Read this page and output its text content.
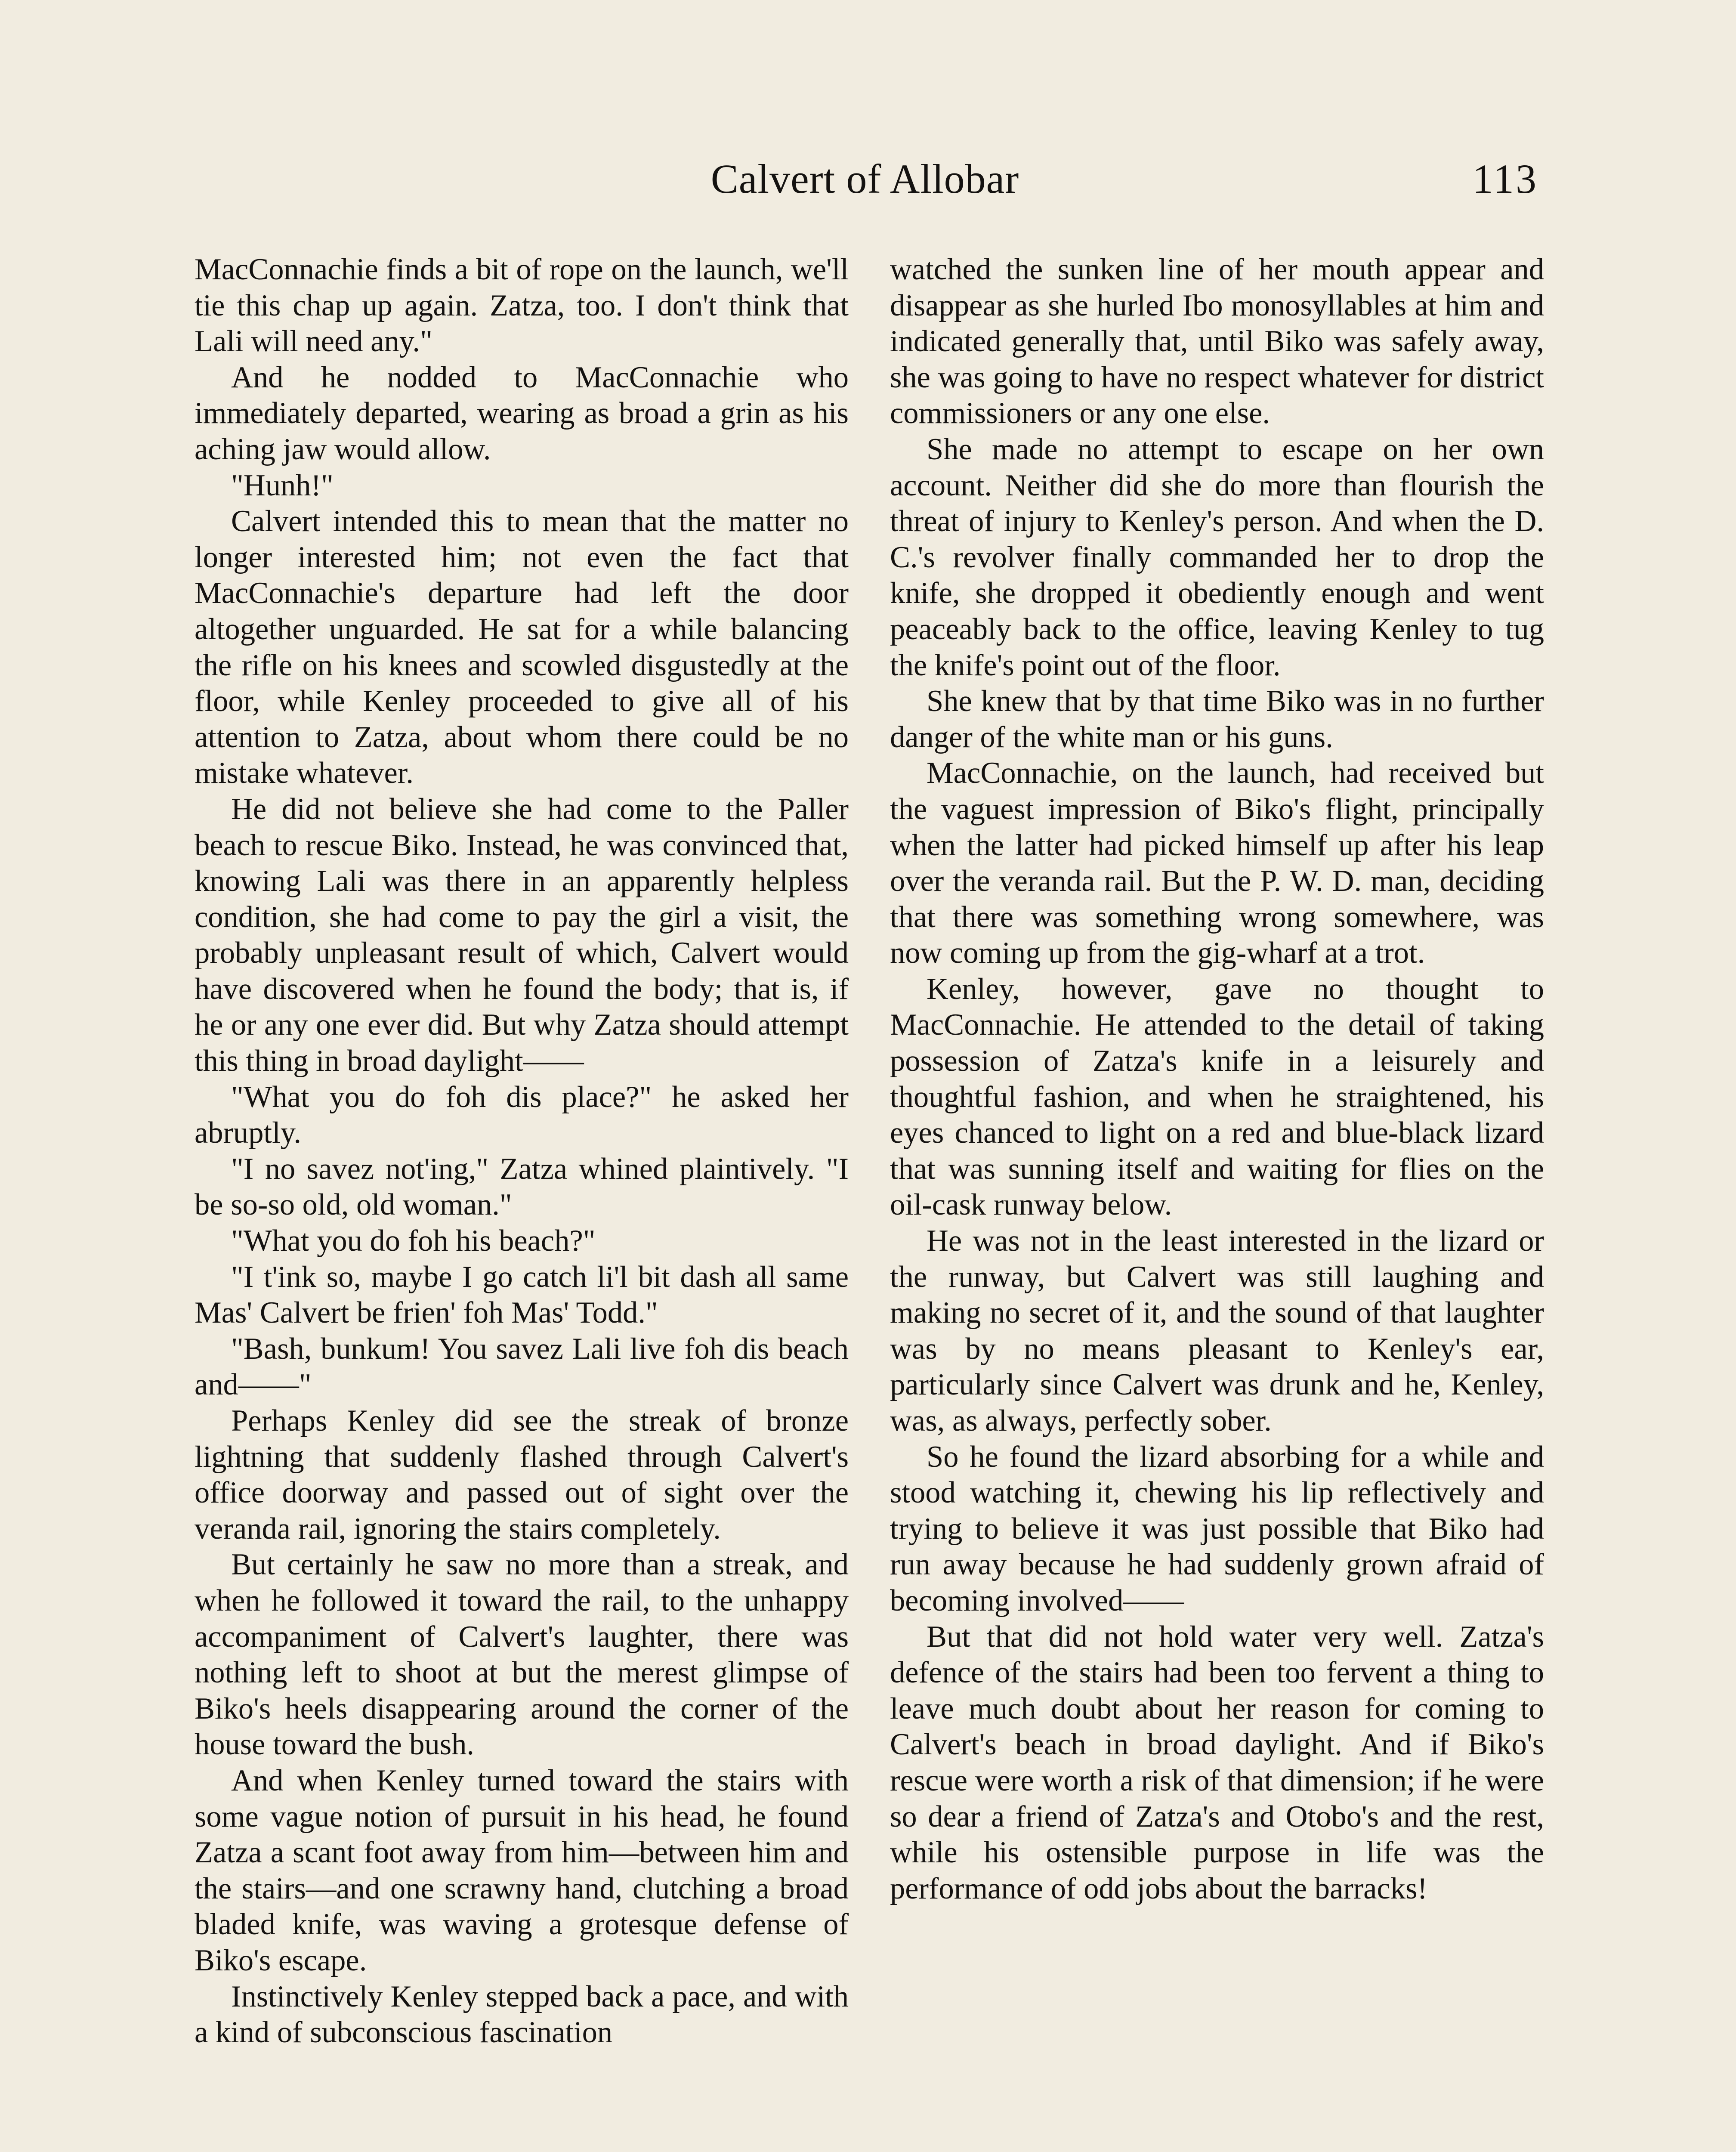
Calvert of Allobar	113

MacConnachie finds a bit of rope on the launch, we'll tie this chap up again. Zatza, too. I don't think that Lali will need any."

And he nodded to MacConnachie who immediately departed, wearing as broad a grin as his aching jaw would allow.

"Hunh!"

Calvert intended this to mean that the matter no longer interested him; not even the fact that MacConnachie's departure had left the door altogether unguarded. He sat for a while balancing the rifle on his knees and scowled disgustedly at the floor, while Kenley proceeded to give all of his attention to Zatza, about whom there could be no mistake whatever.

He did not believe she had come to the Paller beach to rescue Biko. Instead, he was convinced that, knowing Lali was there in an apparently helpless condition, she had come to pay the girl a visit, the probably unpleasant result of which, Calvert would have discovered when he found the body; that is, if he or any one ever did. But why Zatza should attempt this thing in broad daylight——

"What you do foh dis place?" he asked her abruptly.

"I no savez not'ing," Zatza whined plaintively. "I be so-so old, old woman."

"What you do foh his beach?"

"I t'ink so, maybe I go catch li'l bit dash all same Mas' Calvert be frien' foh Mas' Todd."

"Bash, bunkum! You savez Lali live foh dis beach and——"

Perhaps Kenley did see the streak of bronze lightning that suddenly flashed through Calvert's office doorway and passed out of sight over the veranda rail, ignoring the stairs completely.

But certainly he saw no more than a streak, and when he followed it toward the rail, to the unhappy accompaniment of Calvert's laughter, there was nothing left to shoot at but the merest glimpse of Biko's heels disappearing around the corner of the house toward the bush.

And when Kenley turned toward the stairs with some vague notion of pursuit in his head, he found Zatza a scant foot away from him—between him and the stairs—and one scrawny hand, clutching a broad bladed knife, was waving a grotesque defense of Biko's escape.

Instinctively Kenley stepped back a pace, and with a kind of subconscious fascination

watched the sunken line of her mouth appear and disappear as she hurled Ibo monosyllables at him and indicated generally that, until Biko was safely away, she was going to have no respect whatever for district commissioners or any one else.

She made no attempt to escape on her own account. Neither did she do more than flourish the threat of injury to Kenley's person. And when the D. C.'s revolver finally commanded her to drop the knife, she dropped it obediently enough and went peaceably back to the office, leaving Kenley to tug the knife's point out of the floor.

She knew that by that time Biko was in no further danger of the white man or his guns.

MacConnachie, on the launch, had received but the vaguest impression of Biko's flight, principally when the latter had picked himself up after his leap over the veranda rail. But the P. W. D. man, deciding that there was something wrong somewhere, was now coming up from the gig-wharf at a trot.

Kenley, however, gave no thought to MacConnachie. He attended to the detail of taking possession of Zatza's knife in a leisurely and thoughtful fashion, and when he straightened, his eyes chanced to light on a red and blue-black lizard that was sunning itself and waiting for flies on the oil-cask runway below.

He was not in the least interested in the lizard or the runway, but Calvert was still laughing and making no secret of it, and the sound of that laughter was by no means pleasant to Kenley's ear, particularly since Calvert was drunk and he, Kenley, was, as always, perfectly sober.

So he found the lizard absorbing for a while and stood watching it, chewing his lip reflectively and trying to believe it was just possible that Biko had run away because he had suddenly grown afraid of becoming involved——

But that did not hold water very well. Zatza's defence of the stairs had been too fervent a thing to leave much doubt about her reason for coming to Calvert's beach in broad daylight. And if Biko's rescue were worth a risk of that dimension; if he were so dear a friend of Zatza's and Otobo's and the rest, while his ostensible purpose in life was the performance of odd jobs about the barracks!
